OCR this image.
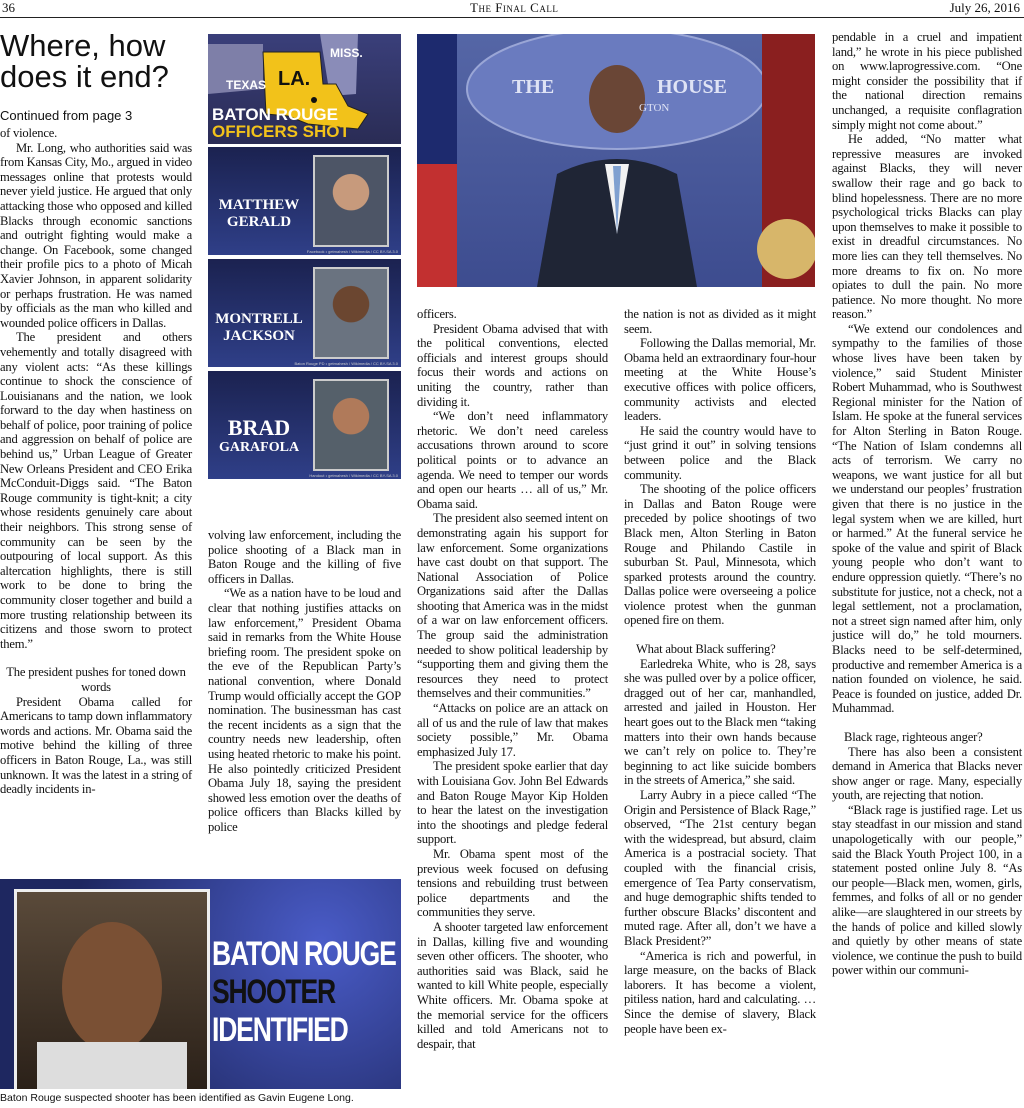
36	The Final Call	July 26, 2016
Where, how does it end?
Continued from page 3

of violence.

Mr. Long, who authorities said was from Kansas City, Mo., argued in video messages online that protests would never yield justice. He argued that only attacking those who opposed and killed Blacks through economic sanctions and outright fighting would make a change. On Facebook, some changed their profile pics to a photo of Micah Xavier Johnson, in apparent solidarity or perhaps frustration. He was named by officials as the man who killed and wounded police officers in Dallas.

The president and others vehemently and totally disagreed with any violent acts: “As these killings continue to shock the conscience of Louisianans and the nation, we look forward to the day when hastiness on behalf of police, poor training of police and aggression on behalf of police are behind us,” Urban League of Greater New Orleans President and CEO Erika McConduit-Diggs said. “The Baton Rouge community is tight-knit; a city whose residents genuinely care about their neighbors. This strong sense of community can be seen by the outpouring of local support. As this altercation highlights, there is still work to be done to bring the community closer together and build a more trusting relationship between its citizens and those sworn to protect them.”

The president pushes for toned down words

President Obama called for Americans to tamp down inflammatory words and actions. Mr. Obama said the motive behind the killing of three officers in Baton Rouge, La., was still unknown. It was the latest in a string of deadly incidents in-

volving law enforcement, including the police shooting of a Black man in Baton Rouge and the killing of five officers in Dallas.

“We as a nation have to be loud and clear that nothing justifies attacks on law enforcement,” President Obama said in remarks from the White House briefing room. The president spoke on the eve of the Republican Party’s national convention, where Donald Trump would officially accept the GOP nomination. The businessman has cast the recent incidents as a sign that the country needs new leadership, often using heated rhetoric to make his point. He also pointedly criticized President Obama July 18, saying the president showed less emotion over the deaths of police officers than Blacks killed by police

officers.

President Obama advised that with the political conventions, elected officials and interest groups should focus their words and actions on uniting the country, rather than dividing it.

“We don’t need inflammatory rhetoric. We don’t need careless accusations thrown around to score political points or to advance an agenda. We need to temper our words and open our hearts … all of us,” Mr. Obama said.

The president also seemed intent on demonstrating again his support for law enforcement. Some organizations have cast doubt on that support. The National Association of Police Organizations said after the Dallas shooting that America was in the midst of a war on law enforcement officers. The group said the administration needed to show political leadership by “supporting them and giving them the resources they need to protect themselves and their communities.”

“Attacks on police are an attack on all of us and the rule of law that makes society possible,” Mr. Obama emphasized July 17.

The president spoke earlier that day with Louisiana Gov. John Bel Edwards and Baton Rouge Mayor Kip Holden to hear the latest on the investigation into the shootings and pledge federal support.

Mr. Obama spent most of the previous week focused on defusing tensions and rebuilding trust between police departments and the communities they serve.

A shooter targeted law enforcement in Dallas, killing five and wounding seven other officers. The shooter, who authorities said was Black, said he wanted to kill White people, especially White officers. Mr. Obama spoke at the memorial service for the officers killed and told Americans not to despair, that

the nation is not as divided as it might seem.

Following the Dallas memorial, Mr. Obama held an extraordinary four-hour meeting at the White House’s executive offices with police officers, community activists and elected leaders.

He said the country would have to “just grind it out” in solving tensions between police and the Black community.

The shooting of the police officers in Dallas and Baton Rouge were preceded by police shootings of two Black men, Alton Sterling in Baton Rouge and Philando Castile in suburban St. Paul, Minnesota, which sparked protests around the country. Dallas police were overseeing a police violence protest when the gunman opened fire on them.

What about Black suffering?

Earledreka White, who is 28, says she was pulled over by a police officer, dragged out of her car, manhandled, arrested and jailed in Houston. Her heart goes out to the Black men “taking matters into their own hands because we can’t rely on police to. They’re beginning to act like suicide bombers in the streets of America,” she said.

Larry Aubry in a piece called “The Origin and Persistence of Black Rage,” observed, “The 21st century began with the widespread, but absurd, claim America is a postracial society. That coupled with the financial crisis, emergence of Tea Party conservatism, and huge demographic shifts tended to further obscure Blacks’ discontent and muted rage. After all, don’t we have a Black President?”

“America is rich and powerful, in large measure, on the backs of Black laborers. It has become a violent, pitiless nation, hard and calculating. … Since the demise of slavery, Black people have been ex-

pendable in a cruel and impatient land,” he wrote in his piece published on www.laprogressive.com. “One might consider the possibility that if the national direction remains unchanged, a requisite conflagration simply might not come about.”

He added, “No matter what repressive measures are invoked against Blacks, they will never swallow their rage and go back to blind hopelessness. There are no more psychological tricks Blacks can play upon themselves to make it possible to exist in dreadful circumstances. No more lies can they tell themselves. No more dreams to fix on. No more opiates to dull the pain. No more patience. No more thought. No more reason.”

“We extend our condolences and sympathy to the families of those whose lives have been taken by violence,” said Student Minister Robert Muhammad, who is Southwest Regional minister for the Nation of Islam. He spoke at the funeral services for Alton Sterling in Baton Rouge. “The Nation of Islam condemns all acts of terrorism. We carry no weapons, we want justice for all but we understand our peoples’ frustration given that there is no justice in the legal system when we are killed, hurt or harmed.” At the funeral service he spoke of the value and spirit of Black young people who don’t want to endure oppression quietly. “There’s no substitute for justice, not a check, not a legal settlement, not a proclamation, not a street sign named after him, only justice will do,” he told mourners. Blacks need to be self-determined, productive and remember America is a nation founded on violence, he said. Peace is founded on justice, added Dr. Muhammad.

Black rage, righteous anger?

There has also been a consistent demand in America that Blacks never show anger or rage. Many, especially youth, are rejecting that notion.

“Black rage is justified rage. Let us stay steadfast in our mission and stand unapologetically with our people,” said the Black Youth Project 100, in a statement posted online July 8. “As our people—Black men, women, girls, femmes, and folks of all or no gender alike—are slaughtered in our streets by the hands of police and killed slowly and quietly by other means of state violence, we continue the push to build power within our communi-

TEXAS LA.
MISS.
BATON ROUGE
OFFICERS SHOT
MATTHEW
GERALD
Facebook • getmahesh / Wikimedia / CC BY-SA 3.0
MONTRELL
JACKSON
Baton Rouge PD • getmahesh / Wikimedia / CC BY-SA 3.0
BRAD
GARAFOLA
Handout • getmahesh / Wikimedia / CC BY-SA 3.0
THE	HOUSE
GTON
BATON ROUGE
SHOOTER
IDENTIFIED
Baton Rouge suspected shooter has been identified as Gavin Eugene Long.
